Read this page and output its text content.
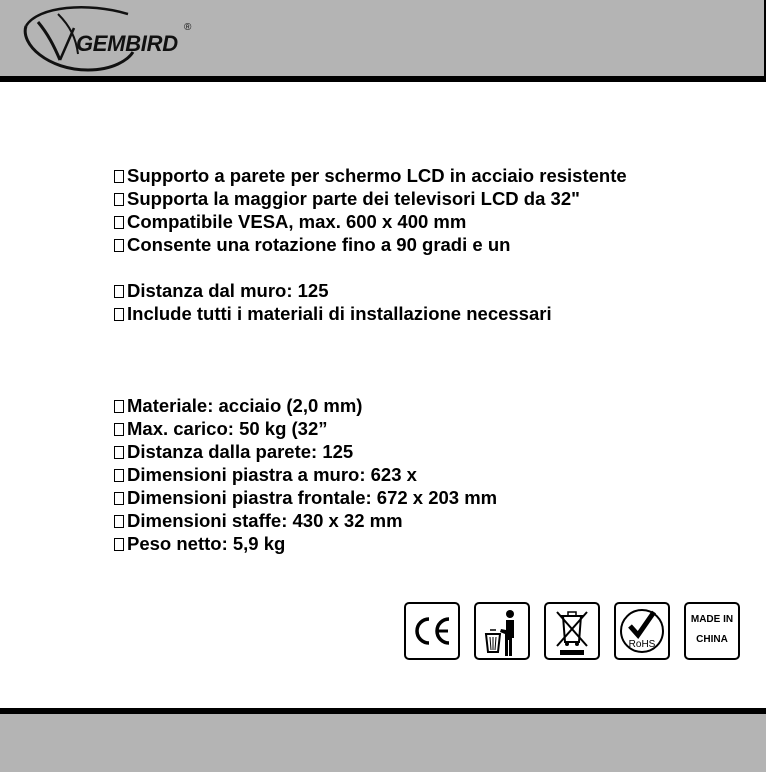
GEMBIRD
®

Supporto a parete per schermo LCD in acciaio resistente

Supporta la maggior parte dei televisori LCD da 32"

Compatibile VESA, max. 600 x 400 mm

Consente una rotazione fino a 90 gradi e un

Distanza dal muro: 125

Include tutti i materiali di installazione necessari

Materiale: acciaio (2,0 mm)

Max. carico: 50 kg (32”

Distanza dalla parete: 125

Dimensioni piastra a muro: 623 x

Dimensioni piastra frontale: 672 x 203 mm

Dimensioni staffe: 430 x 32 mm

Peso netto: 5,9 kg

RoHS
MADE IN
CHINA
